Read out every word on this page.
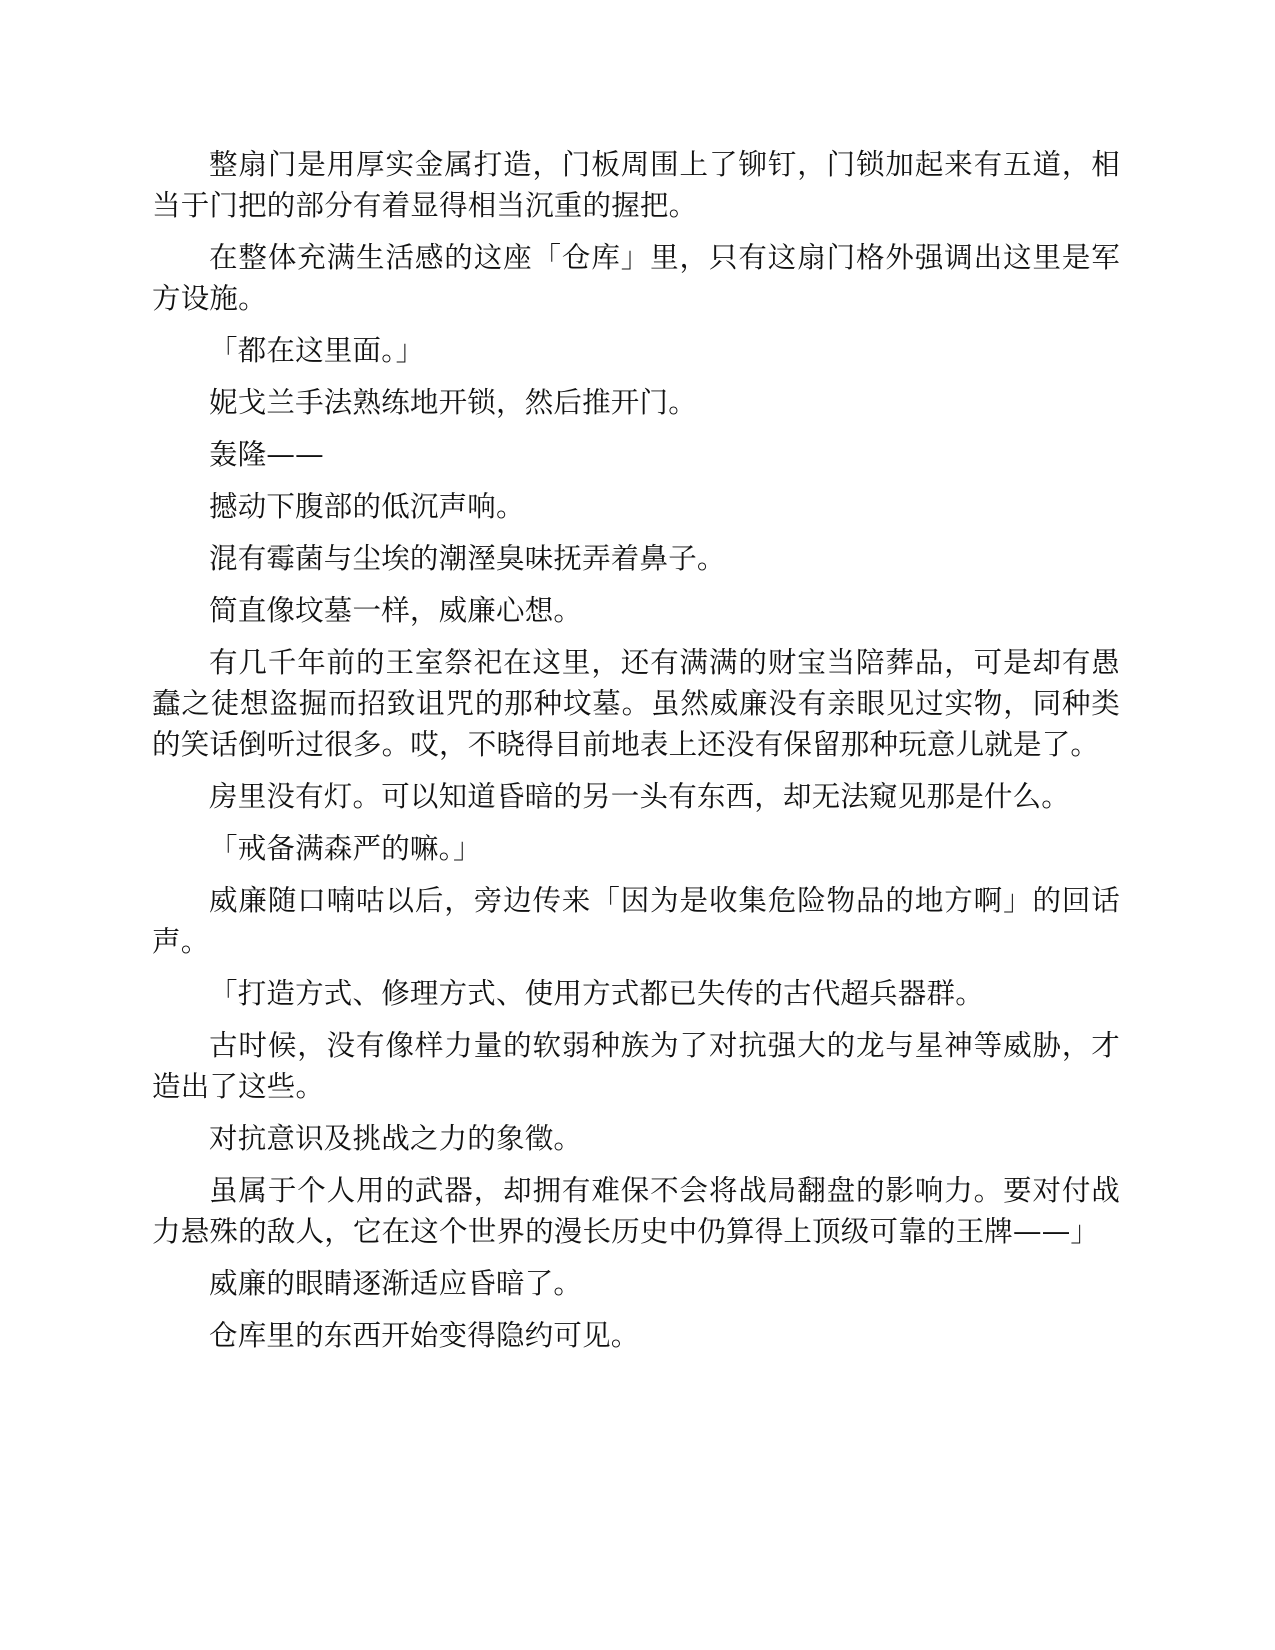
整扇门是用厚实金属打造，门板周围上了铆钉，门锁加起来有五道，相当于门把的部分有着显得相当沉重的握把。

在整体充满生活感的这座「仓库」里，只有这扇门格外强调出这里是军方设施。

「都在这里面。」

妮戈兰手法熟练地开锁，然后推开门。

轰隆——

撼动下腹部的低沉声响。

混有霉菌与尘埃的潮溼臭味抚弄着鼻子。

简直像坟墓一样，威廉心想。

有几千年前的王室祭祀在这里，还有满满的财宝当陪葬品，可是却有愚蠢之徒想盗掘而招致诅咒的那种坟墓。虽然威廉没有亲眼见过实物，同种类的笑话倒听过很多。哎，不晓得目前地表上还没有保留那种玩意儿就是了。

房里没有灯。可以知道昏暗的另一头有东西，却无法窥见那是什么。

「戒备满森严的嘛。」

威廉随口喃咕以后，旁边传来「因为是收集危险物品的地方啊」的回话声。

「打造方式、修理方式、使用方式都已失传的古代超兵器群。

古时候，没有像样力量的软弱种族为了对抗强大的龙与星神等威胁，才造出了这些。

对抗意识及挑战之力的象徵。

虽属于个人用的武器，却拥有难保不会将战局翻盘的影响力。要对付战力悬殊的敌人，它在这个世界的漫长历史中仍算得上顶级可靠的王牌——」

威廉的眼睛逐渐适应昏暗了。

仓库里的东西开始变得隐约可见。
